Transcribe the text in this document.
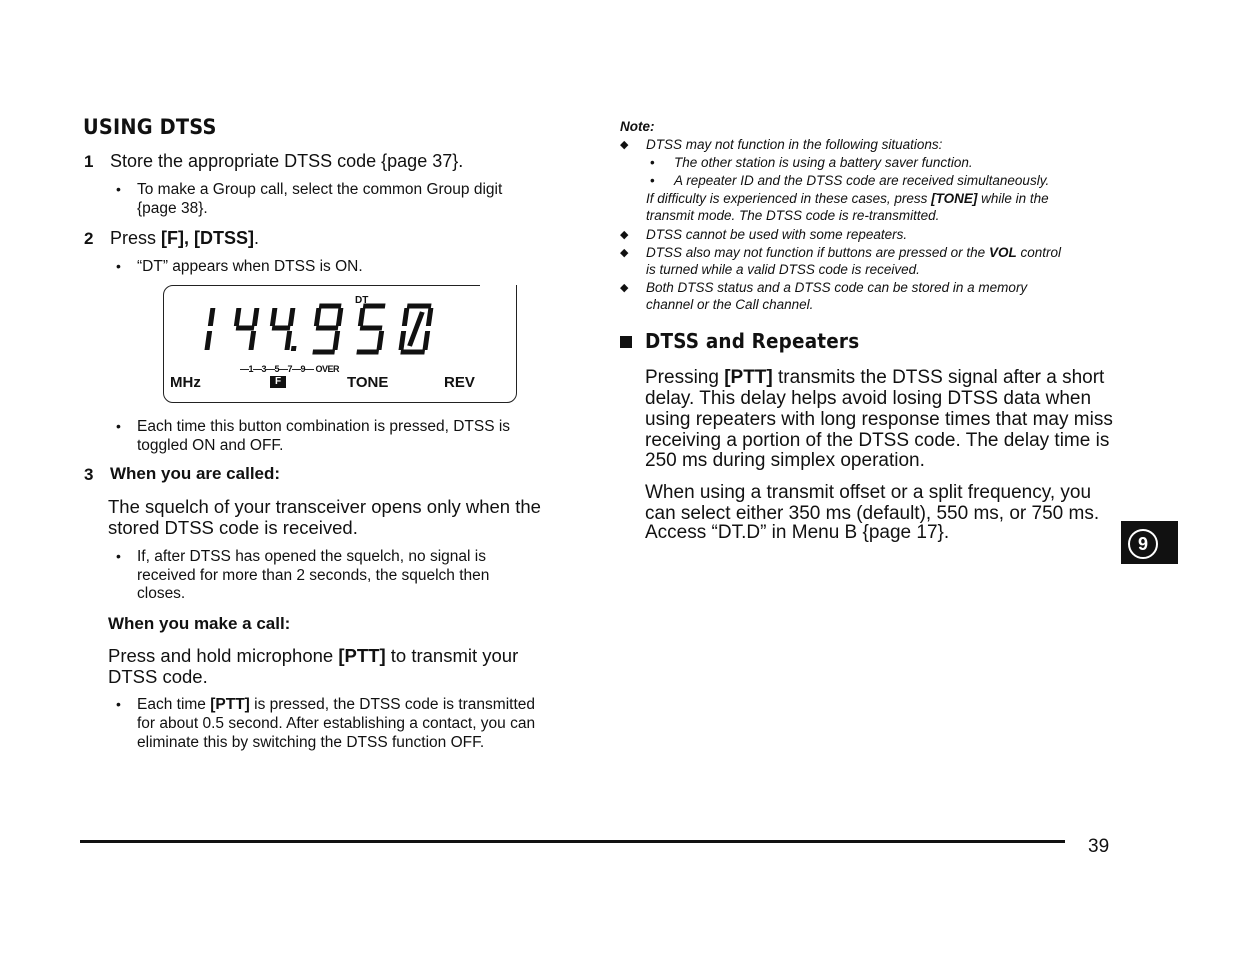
USING DTSS
1 Store the appropriate DTSS code {page 37}.
• To make a Group call, select the common Group digit
{page 38}.
2 Press [F], [DTSS].
• “DT” appears when DTSS is ON.
DT
—1—3—5—7—9— OVER
MHz	F	TONE	REV
• Each time this button combination is pressed, DTSS is
toggled ON and OFF.
3 When you are called:
The squelch of your transceiver opens only when the
stored DTSS code is received.
• If, after DTSS has opened the squelch, no signal is
received for more than 2 seconds, the squelch then
closes.
When you make a call:
Press and hold microphone [PTT] to transmit your
DTSS code.
• Each time [PTT] is pressed, the DTSS code is transmitted
for about 0.5 second. After establishing a contact, you can
eliminate this by switching the DTSS function OFF.
Note:
◆ DTSS may not function in the following situations:
• The other station is using a battery saver function.
• A repeater ID and the DTSS code are received simultaneously.
If difficulty is experienced in these cases, press [TONE] while in the
transmit mode. The DTSS code is re-transmitted.
◆ DTSS cannot be used with some repeaters.
◆ DTSS also may not function if buttons are pressed or the VOL control
is turned while a valid DTSS code is received.
◆ Both DTSS status and a DTSS code can be stored in a memory
channel or the Call channel.
DTSS and Repeaters
Pressing [PTT] transmits the DTSS signal after a short
delay. This delay helps avoid losing DTSS data when
using repeaters with long response times that may miss
receiving a portion of the DTSS code. The delay time is
250 ms during simplex operation.
When using a transmit offset or a split frequency, you
can select either 350 ms (default), 550 ms, or 750 ms.
Access “DT.D” in Menu B {page 17}.
9
39
